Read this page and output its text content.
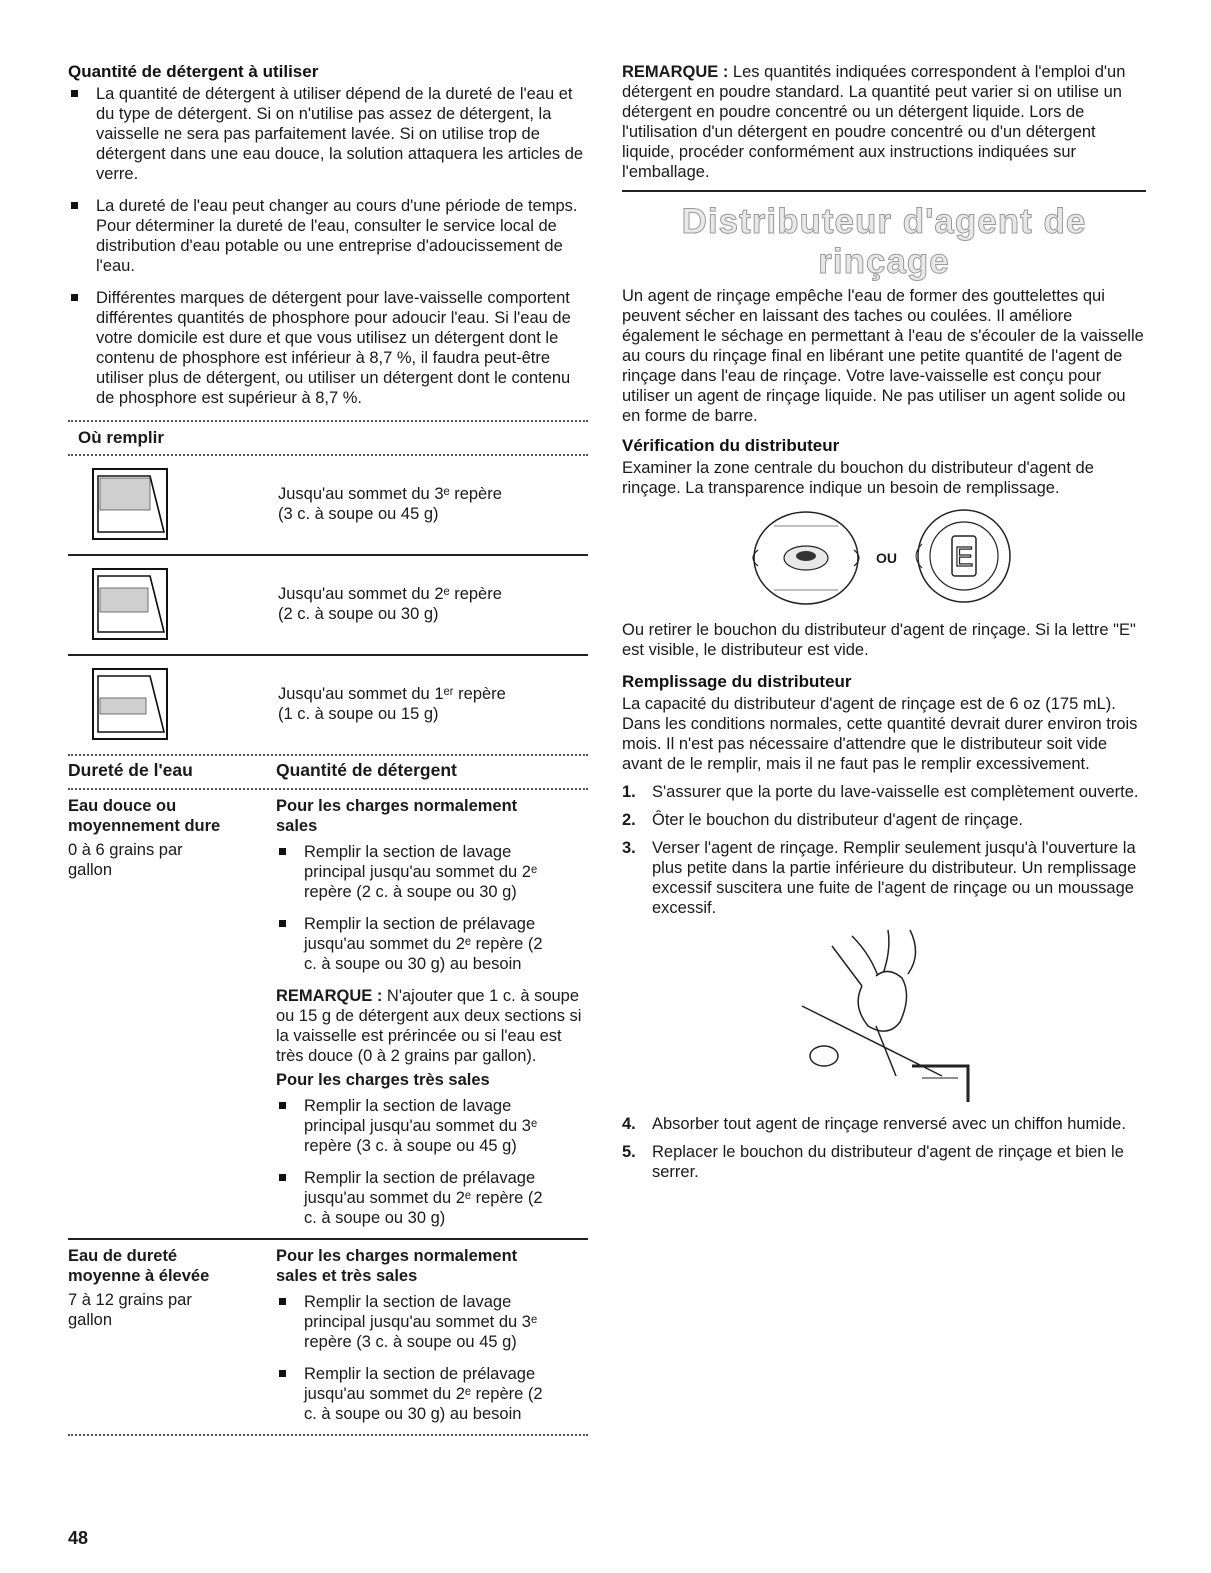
Quantité de détergent à utiliser
La quantité de détergent à utiliser dépend de la dureté de l'eau et du type de détergent. Si on n'utilise pas assez de détergent, la vaisselle ne sera pas parfaitement lavée. Si on utilise trop de détergent dans une eau douce, la solution attaquera les articles de verre.
La dureté de l'eau peut changer au cours d'une période de temps. Pour déterminer la dureté de l'eau, consulter le service local de distribution d'eau potable ou une entreprise d'adoucissement de l'eau.
Différentes marques de détergent pour lave-vaisselle comportent différentes quantités de phosphore pour adoucir l'eau. Si l'eau de votre domicile est dure et que vous utilisez un détergent dont le contenu de phosphore est inférieur à 8,7 %, il faudra peut-être utiliser plus de détergent, ou utiliser un détergent dont le contenu de phosphore est supérieur à 8,7 %.
Où remplir
Jusqu'au sommet du 3ᵉ repère
(3 c. à soupe ou 45 g)
Jusqu'au sommet du 2ᵉ repère
(2 c. à soupe ou 30 g)
Jusqu'au sommet du 1ᵉʳ repère
(1 c. à soupe ou 15 g)
Dureté de l'eau	Quantité de détergent
Eau douce ou moyennement dure
0 à 6 grains par gallon
Pour les charges normalement sales
Remplir la section de lavage principal jusqu'au sommet du 2ᵉ repère (2 c. à soupe ou 30 g)
Remplir la section de prélavage jusqu'au sommet du 2ᵉ repère (2 c. à soupe ou 30 g) au besoin

REMARQUE : N'ajouter que 1 c. à soupe ou 15 g de détergent aux deux sections si la vaisselle est prérincée ou si l'eau est très douce (0 à 2 grains par gallon).

Pour les charges très sales
Remplir la section de lavage principal jusqu'au sommet du 3ᵉ repère (3 c. à soupe ou 45 g)
Remplir la section de prélavage jusqu'au sommet du 2ᵉ repère (2 c. à soupe ou 30 g)
Eau de dureté moyenne à élevée
7 à 12 grains par gallon
Pour les charges normalement sales et très sales
Remplir la section de lavage principal jusqu'au sommet du 3ᵉ repère (3 c. à soupe ou 45 g)
Remplir la section de prélavage jusqu'au sommet du 2ᵉ repère (2 c. à soupe ou 30 g) au besoin

REMARQUE : Les quantités indiquées correspondent à l'emploi d'un détergent en poudre standard. La quantité peut varier si on utilise un détergent en poudre concentré ou un détergent liquide. Lors de l'utilisation d'un détergent en poudre concentré ou d'un détergent liquide, procéder conformément aux instructions indiquées sur l'emballage.

Distributeur d'agent de rinçage

Un agent de rinçage empêche l'eau de former des gouttelettes qui peuvent sécher en laissant des taches ou coulées. Il améliore également le séchage en permettant à l'eau de s'écouler de la vaisselle au cours du rinçage final en libérant une petite quantité de l'agent de rinçage dans l'eau de rinçage. Votre lave-vaisselle est conçu pour utiliser un agent de rinçage liquide. Ne pas utiliser un agent solide ou en forme de barre.

Vérification du distributeur

Examiner la zone centrale du bouchon du distributeur d'agent de rinçage. La transparence indique un besoin de remplissage.

OU E

Ou retirer le bouchon du distributeur d'agent de rinçage. Si la lettre "E" est visible, le distributeur est vide.

Remplissage du distributeur

La capacité du distributeur d'agent de rinçage est de 6 oz (175 mL). Dans les conditions normales, cette quantité devrait durer environ trois mois. Il n'est pas nécessaire d'attendre que le distributeur soit vide avant de le remplir, mais il ne faut pas le remplir excessivement.

1. S'assurer que la porte du lave-vaisselle est complètement ouverte.
2. Ôter le bouchon du distributeur d'agent de rinçage.
3. Verser l'agent de rinçage. Remplir seulement jusqu'à l'ouverture la plus petite dans la partie inférieure du distributeur. Un remplissage excessif suscitera une fuite de l'agent de rinçage ou un moussage excessif.
4. Absorber tout agent de rinçage renversé avec un chiffon humide.
5. Replacer le bouchon du distributeur d'agent de rinçage et bien le serrer.
48
